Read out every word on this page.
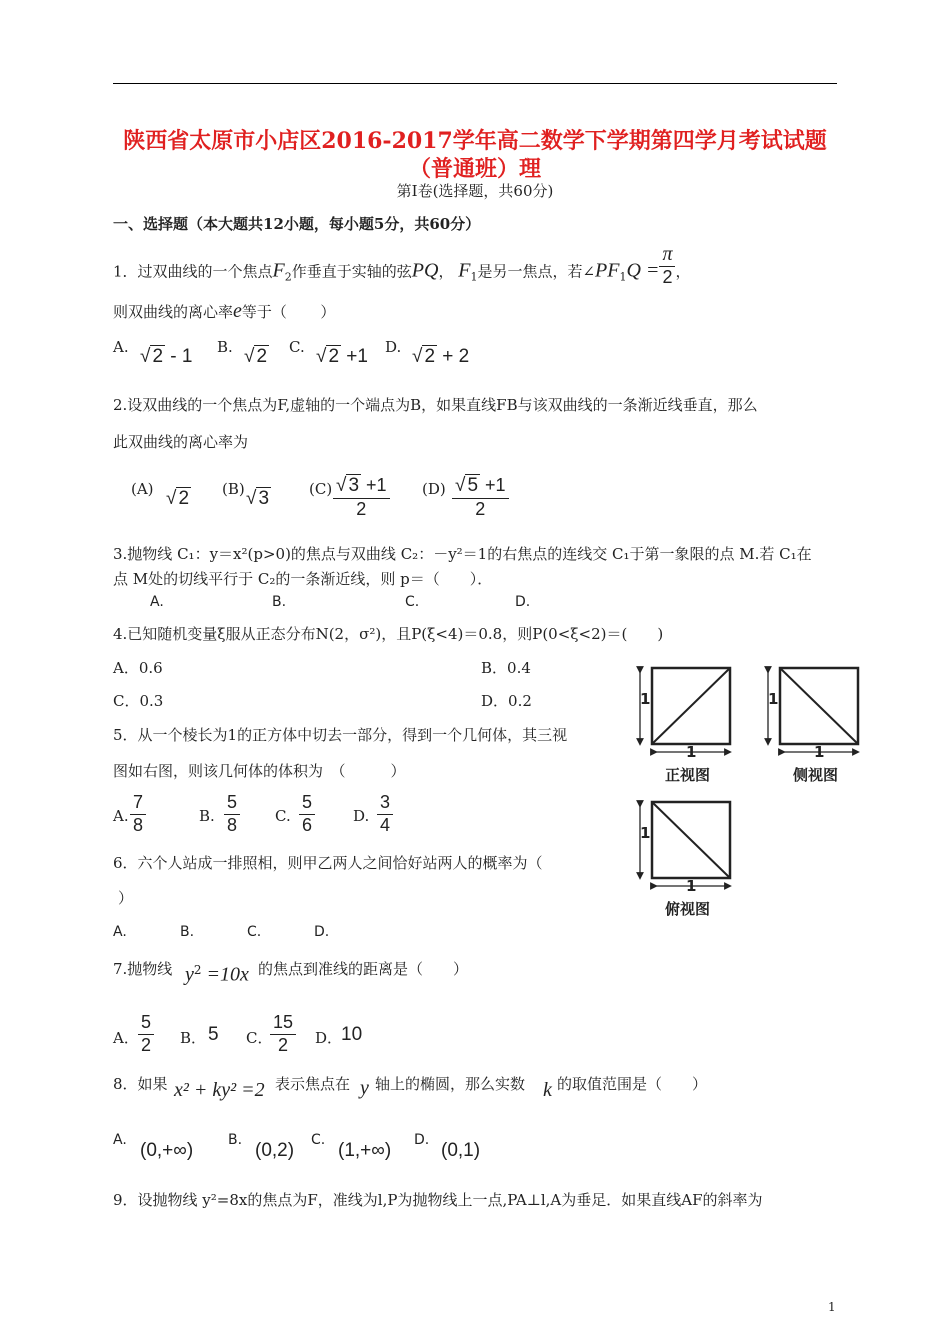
陕西省太原市小店区2016-2017学年高二数学下学期第四学月考试试题
（普通班）理
第Ⅰ卷(选择题，共60分)
一、选择题（本大题共12小题，每小题5分，共60分）
1．过双曲线的一个焦点$F_2$作垂直于实轴的弦PQ， $F_1$是另一焦点，若$\angle PF_1Q = \frac{\pi}{2}$ ，
则双曲线的离心率e等于（ ）
A. √ 2 - 1 B. √ 2 C. √ 2 +1 D. √ 2 + 2
2.设双曲线的一个焦点为F,虚轴的一个端点为B，如果直线FB与该双曲线的一条渐近线垂直，那么
此双曲线的离心率为
(A) √ 2 (B) √ 3	$(C) \frac{√ 3 +1}{2} (D) \frac{√ 5 +1}{2}$
3.抛物线 C₁：y＝x²(p>0)的焦点与双曲线 C₂：－y²＝1的右焦点的连线交 C₁于第一象限的点 M.若 C₁在
点 M处的切线平行于 C₂的一条渐近线，则 p＝（　　）．
A.	B.	C.	D.
4.已知随机变量ξ服从正态分布N(2，σ²)，且P(ξ<4)＝0.8，则P(0<ξ<2)＝(　　)
A．0.6	B．0.4
C．0.3	D．0.2
5．从一个棱长为1的正方体中切去一部分，得到一个几何体，其三视
图如右图，则该几何体的体积为　（　　　）
A. $\frac{7}{8}$	B. $\frac{5}{8} C$. $\frac{5}{6}$	D. $\frac{3}{4}$
1
1
1
1
1
1
正视图	侧视图
俯视图
6．六个人站成一排照相，则甲乙两人之间恰好站两人的概率为（
）
A.	B.	C.	D.
7.抛物线 $y^2 =10x$ 的焦点到准线的距离是（　　）
A． $\frac{5}{2}$ B． 5 C．
$\frac{15}{2}$ D．
10
8．如果 x² + ky² =2 表示焦点在 y 轴上的椭圆，那么实数 k 的取值范围是（　　）
A. (0,+∞) B. (0,2) C. (1,+∞) D. (0,1)
9．设抛物线 y²=8x的焦点为F，准线为l,P为抛物线上一点,PA⊥l,A为垂足．如果直线AF的斜率为
1
